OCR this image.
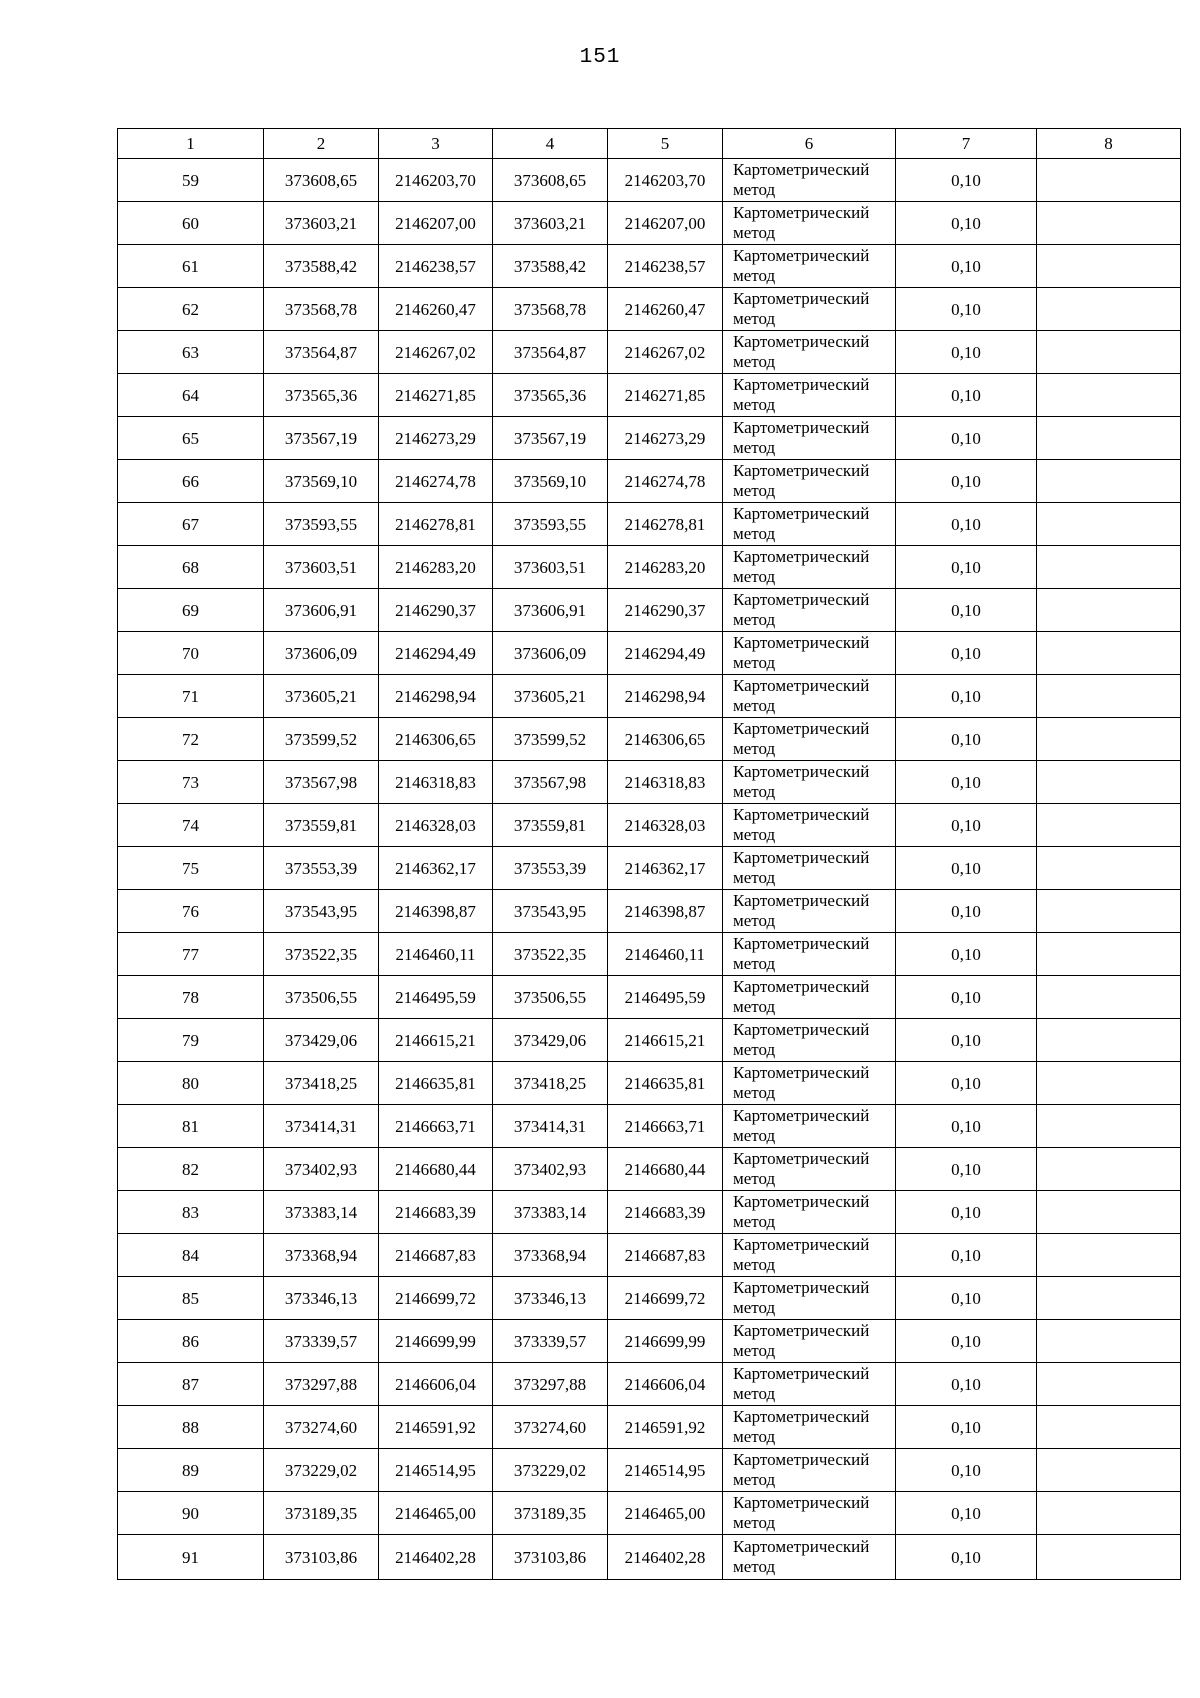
151
1	2	3	4	5	6	7	8
59	373608,65	2146203,70	373608,65	2146203,70	Картометрический метод	0,10	
60	373603,21	2146207,00	373603,21	2146207,00	Картометрический метод	0,10	
61	373588,42	2146238,57	373588,42	2146238,57	Картометрический метод	0,10	
62	373568,78	2146260,47	373568,78	2146260,47	Картометрический метод	0,10	
63	373564,87	2146267,02	373564,87	2146267,02	Картометрический метод	0,10	
64	373565,36	2146271,85	373565,36	2146271,85	Картометрический метод	0,10	
65	373567,19	2146273,29	373567,19	2146273,29	Картометрический метод	0,10	
66	373569,10	2146274,78	373569,10	2146274,78	Картометрический метод	0,10	
67	373593,55	2146278,81	373593,55	2146278,81	Картометрический метод	0,10	
68	373603,51	2146283,20	373603,51	2146283,20	Картометрический метод	0,10	
69	373606,91	2146290,37	373606,91	2146290,37	Картометрический метод	0,10	
70	373606,09	2146294,49	373606,09	2146294,49	Картометрический метод	0,10	
71	373605,21	2146298,94	373605,21	2146298,94	Картометрический метод	0,10	
72	373599,52	2146306,65	373599,52	2146306,65	Картометрический метод	0,10	
73	373567,98	2146318,83	373567,98	2146318,83	Картометрический метод	0,10	
74	373559,81	2146328,03	373559,81	2146328,03	Картометрический метод	0,10	
75	373553,39	2146362,17	373553,39	2146362,17	Картометрический метод	0,10	
76	373543,95	2146398,87	373543,95	2146398,87	Картометрический метод	0,10	
77	373522,35	2146460,11	373522,35	2146460,11	Картометрический метод	0,10	
78	373506,55	2146495,59	373506,55	2146495,59	Картометрический метод	0,10	
79	373429,06	2146615,21	373429,06	2146615,21	Картометрический метод	0,10	
80	373418,25	2146635,81	373418,25	2146635,81	Картометрический метод	0,10	
81	373414,31	2146663,71	373414,31	2146663,71	Картометрический метод	0,10	
82	373402,93	2146680,44	373402,93	2146680,44	Картометрический метод	0,10	
83	373383,14	2146683,39	373383,14	2146683,39	Картометрический метод	0,10	
84	373368,94	2146687,83	373368,94	2146687,83	Картометрический метод	0,10	
85	373346,13	2146699,72	373346,13	2146699,72	Картометрический метод	0,10	
86	373339,57	2146699,99	373339,57	2146699,99	Картометрический метод	0,10	
87	373297,88	2146606,04	373297,88	2146606,04	Картометрический метод	0,10	
88	373274,60	2146591,92	373274,60	2146591,92	Картометрический метод	0,10	
89	373229,02	2146514,95	373229,02	2146514,95	Картометрический метод	0,10	
90	373189,35	2146465,00	373189,35	2146465,00	Картометрический метод	0,10	
91	373103,86	2146402,28	373103,86	2146402,28	Картометрический метод	0,10	
